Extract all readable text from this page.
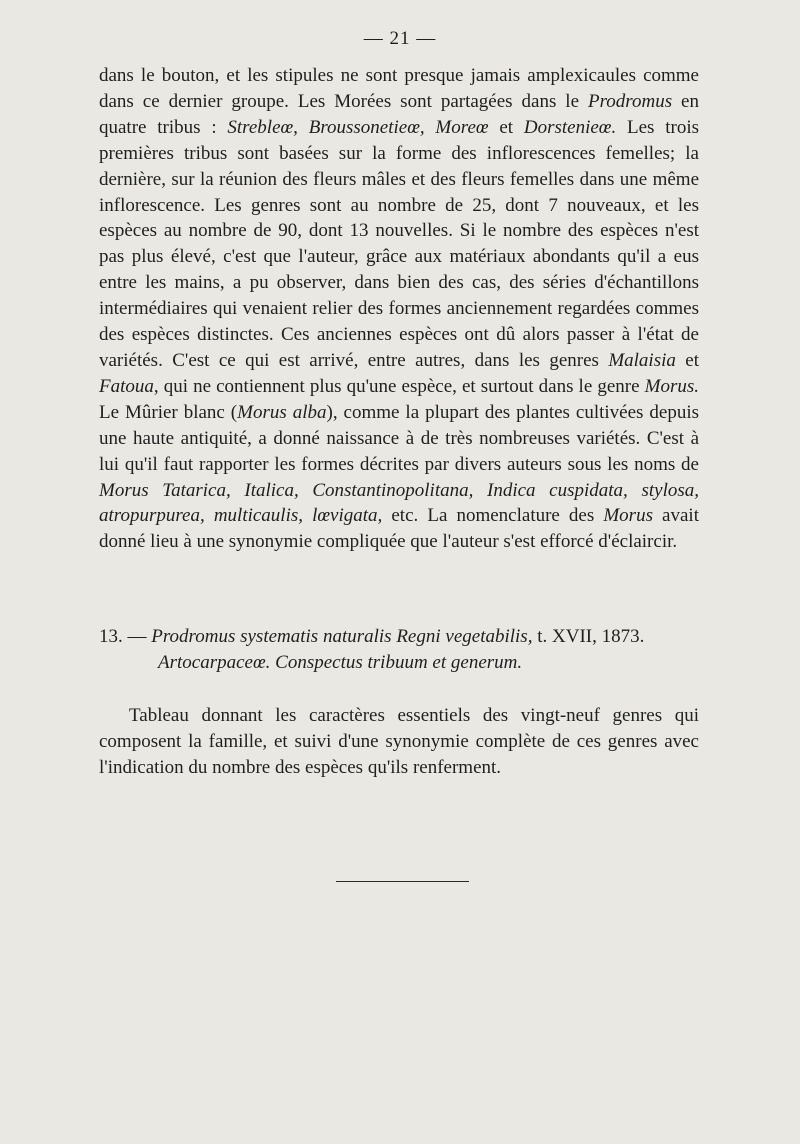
— 21 —

dans le bouton, et les stipules ne sont presque jamais amplexicaules comme dans ce dernier groupe. Les Morées sont partagées dans le Prodromus en quatre tribus : Strebleœ, Broussonetieœ, Moreœ et Dorstenieœ. Les trois premières tribus sont basées sur la forme des inflorescences femelles; la dernière, sur la réunion des fleurs mâles et des fleurs femelles dans une même inflorescence. Les genres sont au nombre de 25, dont 7 nouveaux, et les espèces au nombre de 90, dont 13 nouvelles. Si le nombre des espèces n'est pas plus élevé, c'est que l'auteur, grâce aux matériaux abondants qu'il a eus entre les mains, a pu observer, dans bien des cas, des séries d'échantillons intermédiaires qui venaient relier des formes anciennement regardées commes des espèces distinctes. Ces anciennes espèces ont dû alors passer à l'état de variétés. C'est ce qui est arrivé, entre autres, dans les genres Malaisia et Fatoua, qui ne contiennent plus qu'une espèce, et surtout dans le genre Morus. Le Mûrier blanc (Morus alba), comme la plupart des plantes cultivées depuis une haute antiquité, a donné naissance à de très nombreuses variétés. C'est à lui qu'il faut rapporter les formes décrites par divers auteurs sous les noms de Morus Tatarica, Italica, Constantinopolitana, Indica cuspidata, stylosa, atropurpurea, multicaulis, lœvigata, etc. La nomenclature des Morus avait donné lieu à une synonymie compliquée que l'auteur s'est efforcé d'éclaircir.

13. — Prodromus systematis naturalis Regni vegetabilis, t. XVII, 1873.
Artocarpaceœ. Conspectus tribuum et generum.

Tableau donnant les caractères essentiels des vingt-neuf genres qui composent la famille, et suivi d'une synonymie complète de ces genres avec l'indication du nombre des espèces qu'ils renferment.
